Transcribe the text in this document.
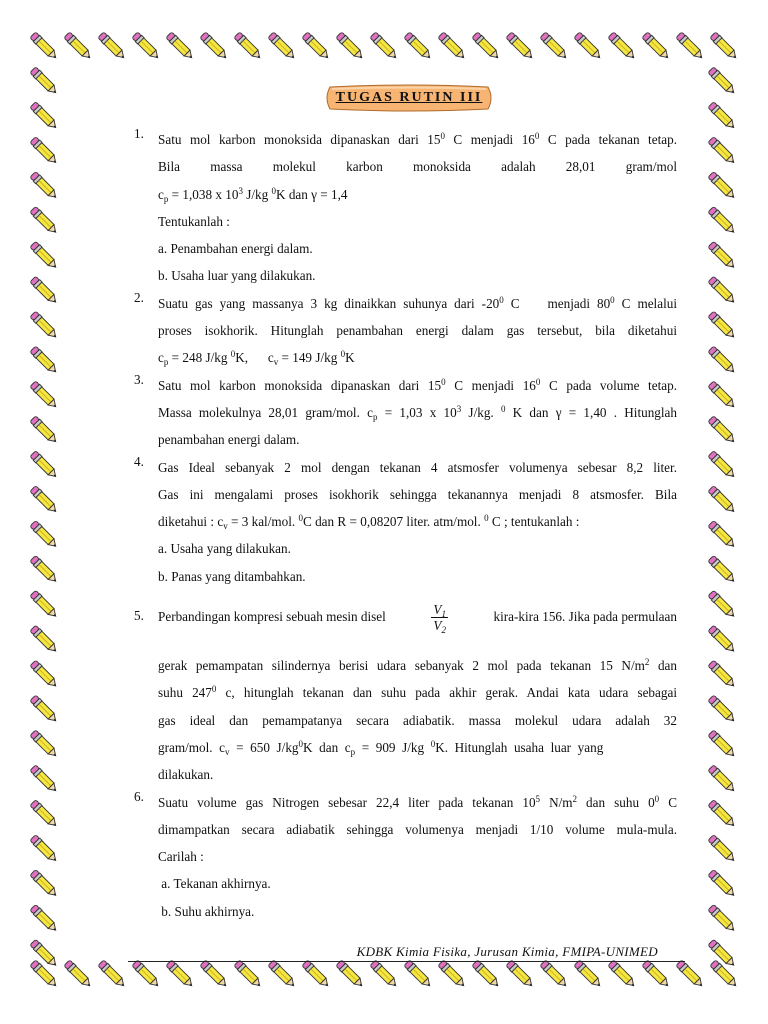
TUGAS RUTIN III
1.	Satu mol karbon monoksida dipanaskan dari $15^0$ C menjadi $16^0$ C pada tekanan tetap.
Bila massa molekul karbon monoksida adalah 28,01 gram/mol
$c_p = 1,038$ x $10^3$ J/kg $^0$K dan γ = 1,4
Tentukanlah :
a. Penambahan energi dalam.
b. Usaha luar yang dilakukan.
2.	Suatu gas yang massanya 3 kg dinaikkan suhunya dari $-20^0$ C    menjadi $80^0$ C melalui
proses isokhorik. Hitunglah penambahan energi dalam gas tersebut, bila diketahui
$c_p = 248$ J/kg $^0$K,      $c_v = 149$ J/kg $^0$K
3.	Satu mol karbon monoksida dipanaskan dari $15^0$ C menjadi $16^0$ C pada volume tetap.
Massa molekulnya 28,01 gram/mol. $c_p = 1,03$ x $10^3$ J/kg. $^0$ K dan γ = 1,40 . Hitunglah
penambahan energi dalam.
4.	Gas Ideal sebanyak 2 mol dengan tekanan 4 atsmosfer volumenya sebesar 8,2 liter.
Gas ini mengalami proses isokhorik sehingga tekanannya menjadi 8 atsmosfer. Bila
diketahui : $c_v = 3$ kal/mol. $^0$C dan R = 0,08207 liter. atm/mol. $^0$ C ; tentukanlah :
a. Usaha yang dilakukan.
b. Panas yang ditambahkan.
5.	Perbandingan kompresi sebuah mesin disel	$\frac{V_1}{V_2}$	kira-kira 156. Jika pada permulaan
gerak pemampatan silindernya berisi udara sebanyak 2 mol pada tekanan 15 $N/m^2$ dan
suhu $247^0$ c, hitunglah tekanan dan suhu pada akhir gerak. Andai kata udara sebagai
gas ideal dan pemampatanya secara adiabatik. massa molekul udara adalah 32
gram/mol.  $c_v = 650$  $J/kg^0K$  dan  $c_p = 909$  J/kg  $^0$K.  Hitunglah  usaha  luar  yang
dilakukan.
6.	Suatu volume gas Nitrogen sebesar 22,4 liter pada tekanan $10^5$ $N/m^2$ dan suhu $0^0$ C
dimampatkan secara adiabatik sehingga volumenya menjadi 1/10 volume mula-mula.
Carilah :
a. Tekanan akhirnya.
b. Suhu akhirnya.
KDBK Kimia Fisika, Jurusan Kimia, FMIPA-UNIMED
